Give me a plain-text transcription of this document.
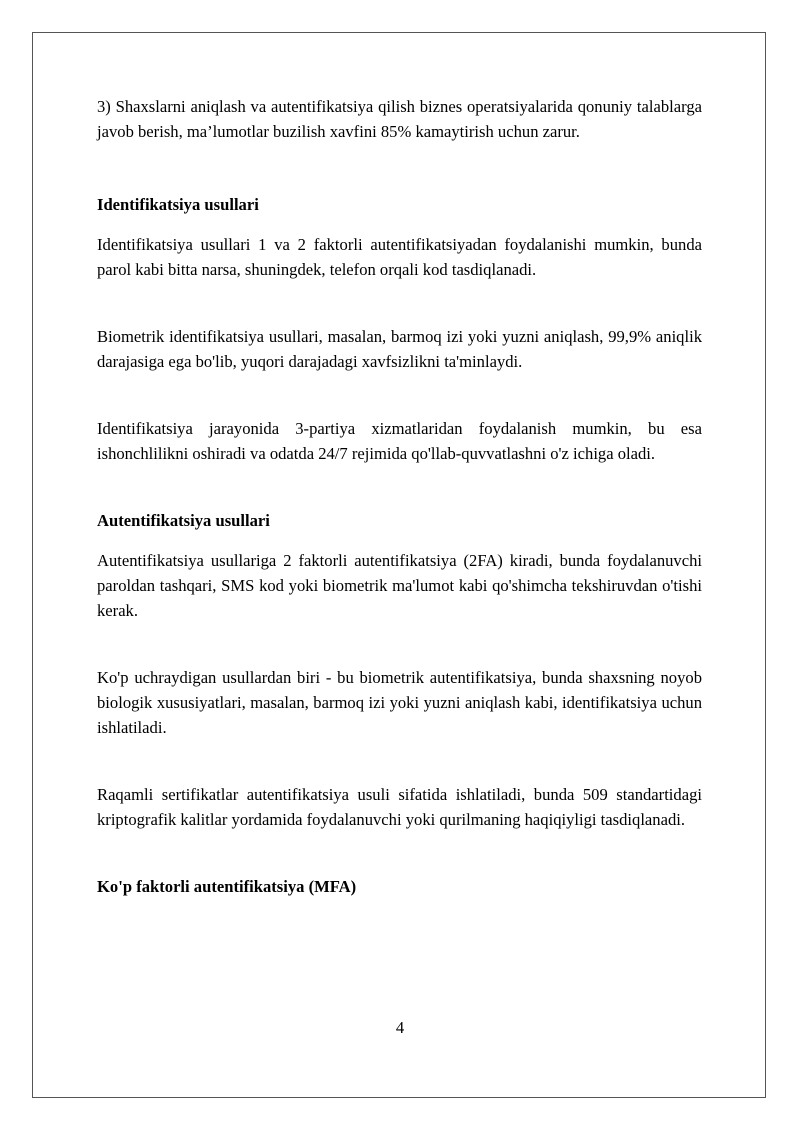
3) Shaxslarni aniqlash va autentifikatsiya qilish biznes operatsiyalarida qonuniy talablarga javob berish, ma’lumotlar buzilish xavfini 85% kamaytirish uchun zarur.

Identifikatsiya usullari

Identifikatsiya usullari 1 va 2 faktorli autentifikatsiyadan foydalanishi mumkin, bunda parol kabi bitta narsa, shuningdek, telefon orqali kod tasdiqlanadi.

Biometrik identifikatsiya usullari, masalan, barmoq izi yoki yuzni aniqlash, 99,9% aniqlik darajasiga ega bo'lib, yuqori darajadagi xavfsizlikni ta'minlaydi.

Identifikatsiya jarayonida 3-partiya xizmatlaridan foydalanish mumkin, bu esa ishonchlilikni oshiradi va odatda 24/7 rejimida qo'llab-quvvatlashni o'z ichiga oladi.

Autentifikatsiya usullari

Autentifikatsiya usullariga 2 faktorli autentifikatsiya (2FA) kiradi, bunda foydalanuvchi paroldan tashqari, SMS kod yoki biometrik ma'lumot kabi qo'shimcha tekshiruvdan o'tishi kerak.

Ko'p uchraydigan usullardan biri - bu biometrik autentifikatsiya, bunda shaxsning noyob biologik xususiyatlari, masalan, barmoq izi yoki yuzni aniqlash kabi, identifikatsiya uchun ishlatiladi.

Raqamli sertifikatlar autentifikatsiya usuli sifatida ishlatiladi, bunda 509 standartidagi kriptografik kalitlar yordamida foydalanuvchi yoki qurilmaning haqiqiyligi tasdiqlanadi.

Ko'p faktorli autentifikatsiya (MFA)

4
